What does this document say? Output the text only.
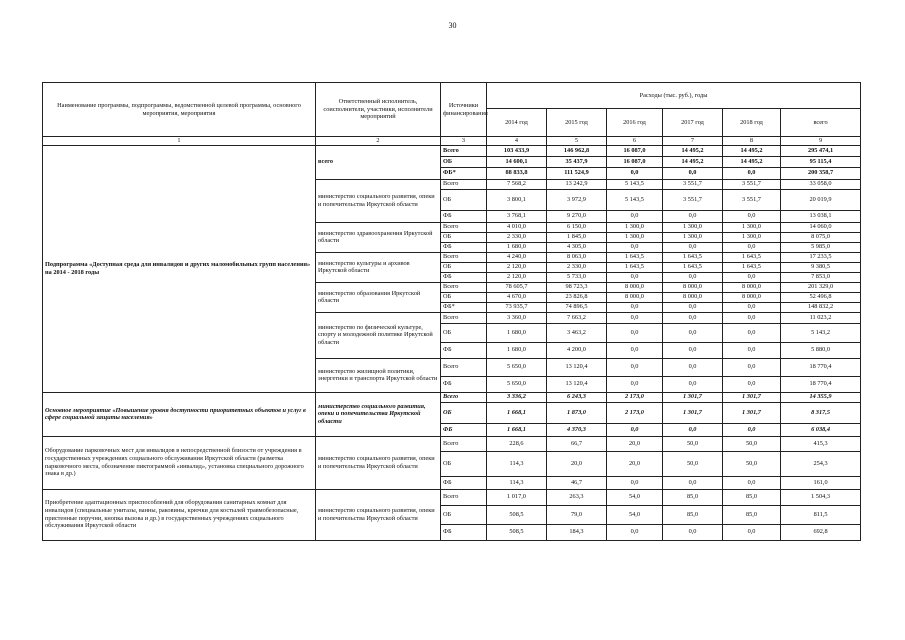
30
Наименование программы, подпрограммы, ведомственной целевой программы, основного мероприятия, мероприятия	Ответственный исполнитель, соисполнители, участники, исполнители мероприятий	Источники финансирования	Расходы (тыс. руб.), годы					
			2014 год	2015 год	2016 год	2017 год	2018 год	всего
1	2	3	4	5	6	7	8	9
Подпрограмма «Доступная среда для инвалидов и других маломобильных групп населения» на 2014 - 2018 годы	всего	Всего	103 433,9	146 962,8	16 087,0	14 495,2	14 495,2	295 474,1
		ОБ	14 600,1	35 437,9	16 087,0	14 495,2	14 495,2	95 115,4
		ФБ*	88 833,8	111 524,9	0,0	0,0	0,0	200 358,7
	министерство социального развития, опеки и попечительства Иркутской области	Всего	7 568,2	13 242,9	5 143,5	3 551,7	3 551,7	33 058,0
		ОБ	3 800,1	3 972,9	5 143,5	3 551,7	3 551,7	20 019,9
		ФБ	3 768,1	9 270,0	0,0	0,0	0,0	13 038,1
	министерство здравоохранения Иркутской области	Всего	4 010,0	6 150,0	1 300,0	1 300,0	1 300,0	14 060,0
		ОБ	2 330,0	1 845,0	1 300,0	1 300,0	1 300,0	8 075,0
		ФБ	1 680,0	4 305,0	0,0	0,0	0,0	5 985,0
	министерство культуры и архивов Иркутской области	Всего	4 240,0	8 063,0	1 643,5	1 643,5	1 643,5	17 233,5
		ОБ	2 120,0	2 330,0	1 643,5	1 643,5	1 643,5	9 380,5
		ФБ	2 120,0	5 733,0	0,0	0,0	0,0	7 853,0
	министерство образования Иркутской области	Всего	78 605,7	98 723,3	8 000,0	8 000,0	8 000,0	201 329,0
		ОБ	4 670,0	23 826,8	8 000,0	8 000,0	8 000,0	52 496,8
		ФБ*	73 935,7	74 896,5	0,0	0,0	0,0	148 832,2
	министерство по физической культуре, спорту и молодежной политике Иркутской области	Всего	3 360,0	7 663,2	0,0	0,0	0,0	11 023,2
		ОБ	1 680,0	3 463,2	0,0	0,0	0,0	5 143,2
		ФБ	1 680,0	4 200,0	0,0	0,0	0,0	5 880,0
	министерство жилищной политики, энергетики и транспорта Иркутской области	Всего	5 650,0	13 120,4	0,0	0,0	0,0	18 770,4
		ФБ	5 650,0	13 120,4	0,0	0,0	0,0	18 770,4
Основное мероприятие «Повышение уровня доступности приоритетных объектов и услуг в сфере социальной защиты населения»	министерство социального развития, опеки и попечительства Иркутской области	Всего	3 336,2	6 243,3	2 173,0	1 301,7	1 301,7	14 355,9
		ОБ	1 668,1	1 873,0	2 173,0	1 301,7	1 301,7	8 317,5
		ФБ	1 668,1	4 370,3	0,0	0,0	0,0	6 038,4
Оборудование парковочных мест для инвалидов в непосредственной близости от учреждения в государственных учреждениях социального обслуживания Иркутской области (разметка парковочного места, обозначение пиктограммой «инвалид», установка специального дорожного знака в др.)	министерство социального развития, опеки и попечительства Иркутской области	Всего	228,6	66,7	20,0	50,0	50,0	415,3
		ОБ	114,3	20,0	20,0	50,0	50,0	254,3
		ФБ	114,3	46,7	0,0	0,0	0,0	161,0
Приобретение адаптационных приспособлений для оборудования санитарных комнат для инвалидов (специальные унитазы, ванны, раковины, крючки для костылей травмобезопасные, пристенные поручни, кнопка вызова и др.) в государственных учреждениях социального обслуживания Иркутской области	министерство социального развития, опеки и попечительства Иркутской области	Всего	1 017,0	263,3	54,0	85,0	85,0	1 504,3
		ОБ	508,5	79,0	54,0	85,0	85,0	811,5
		ФБ	508,5	184,3	0,0	0,0	0,0	692,8
